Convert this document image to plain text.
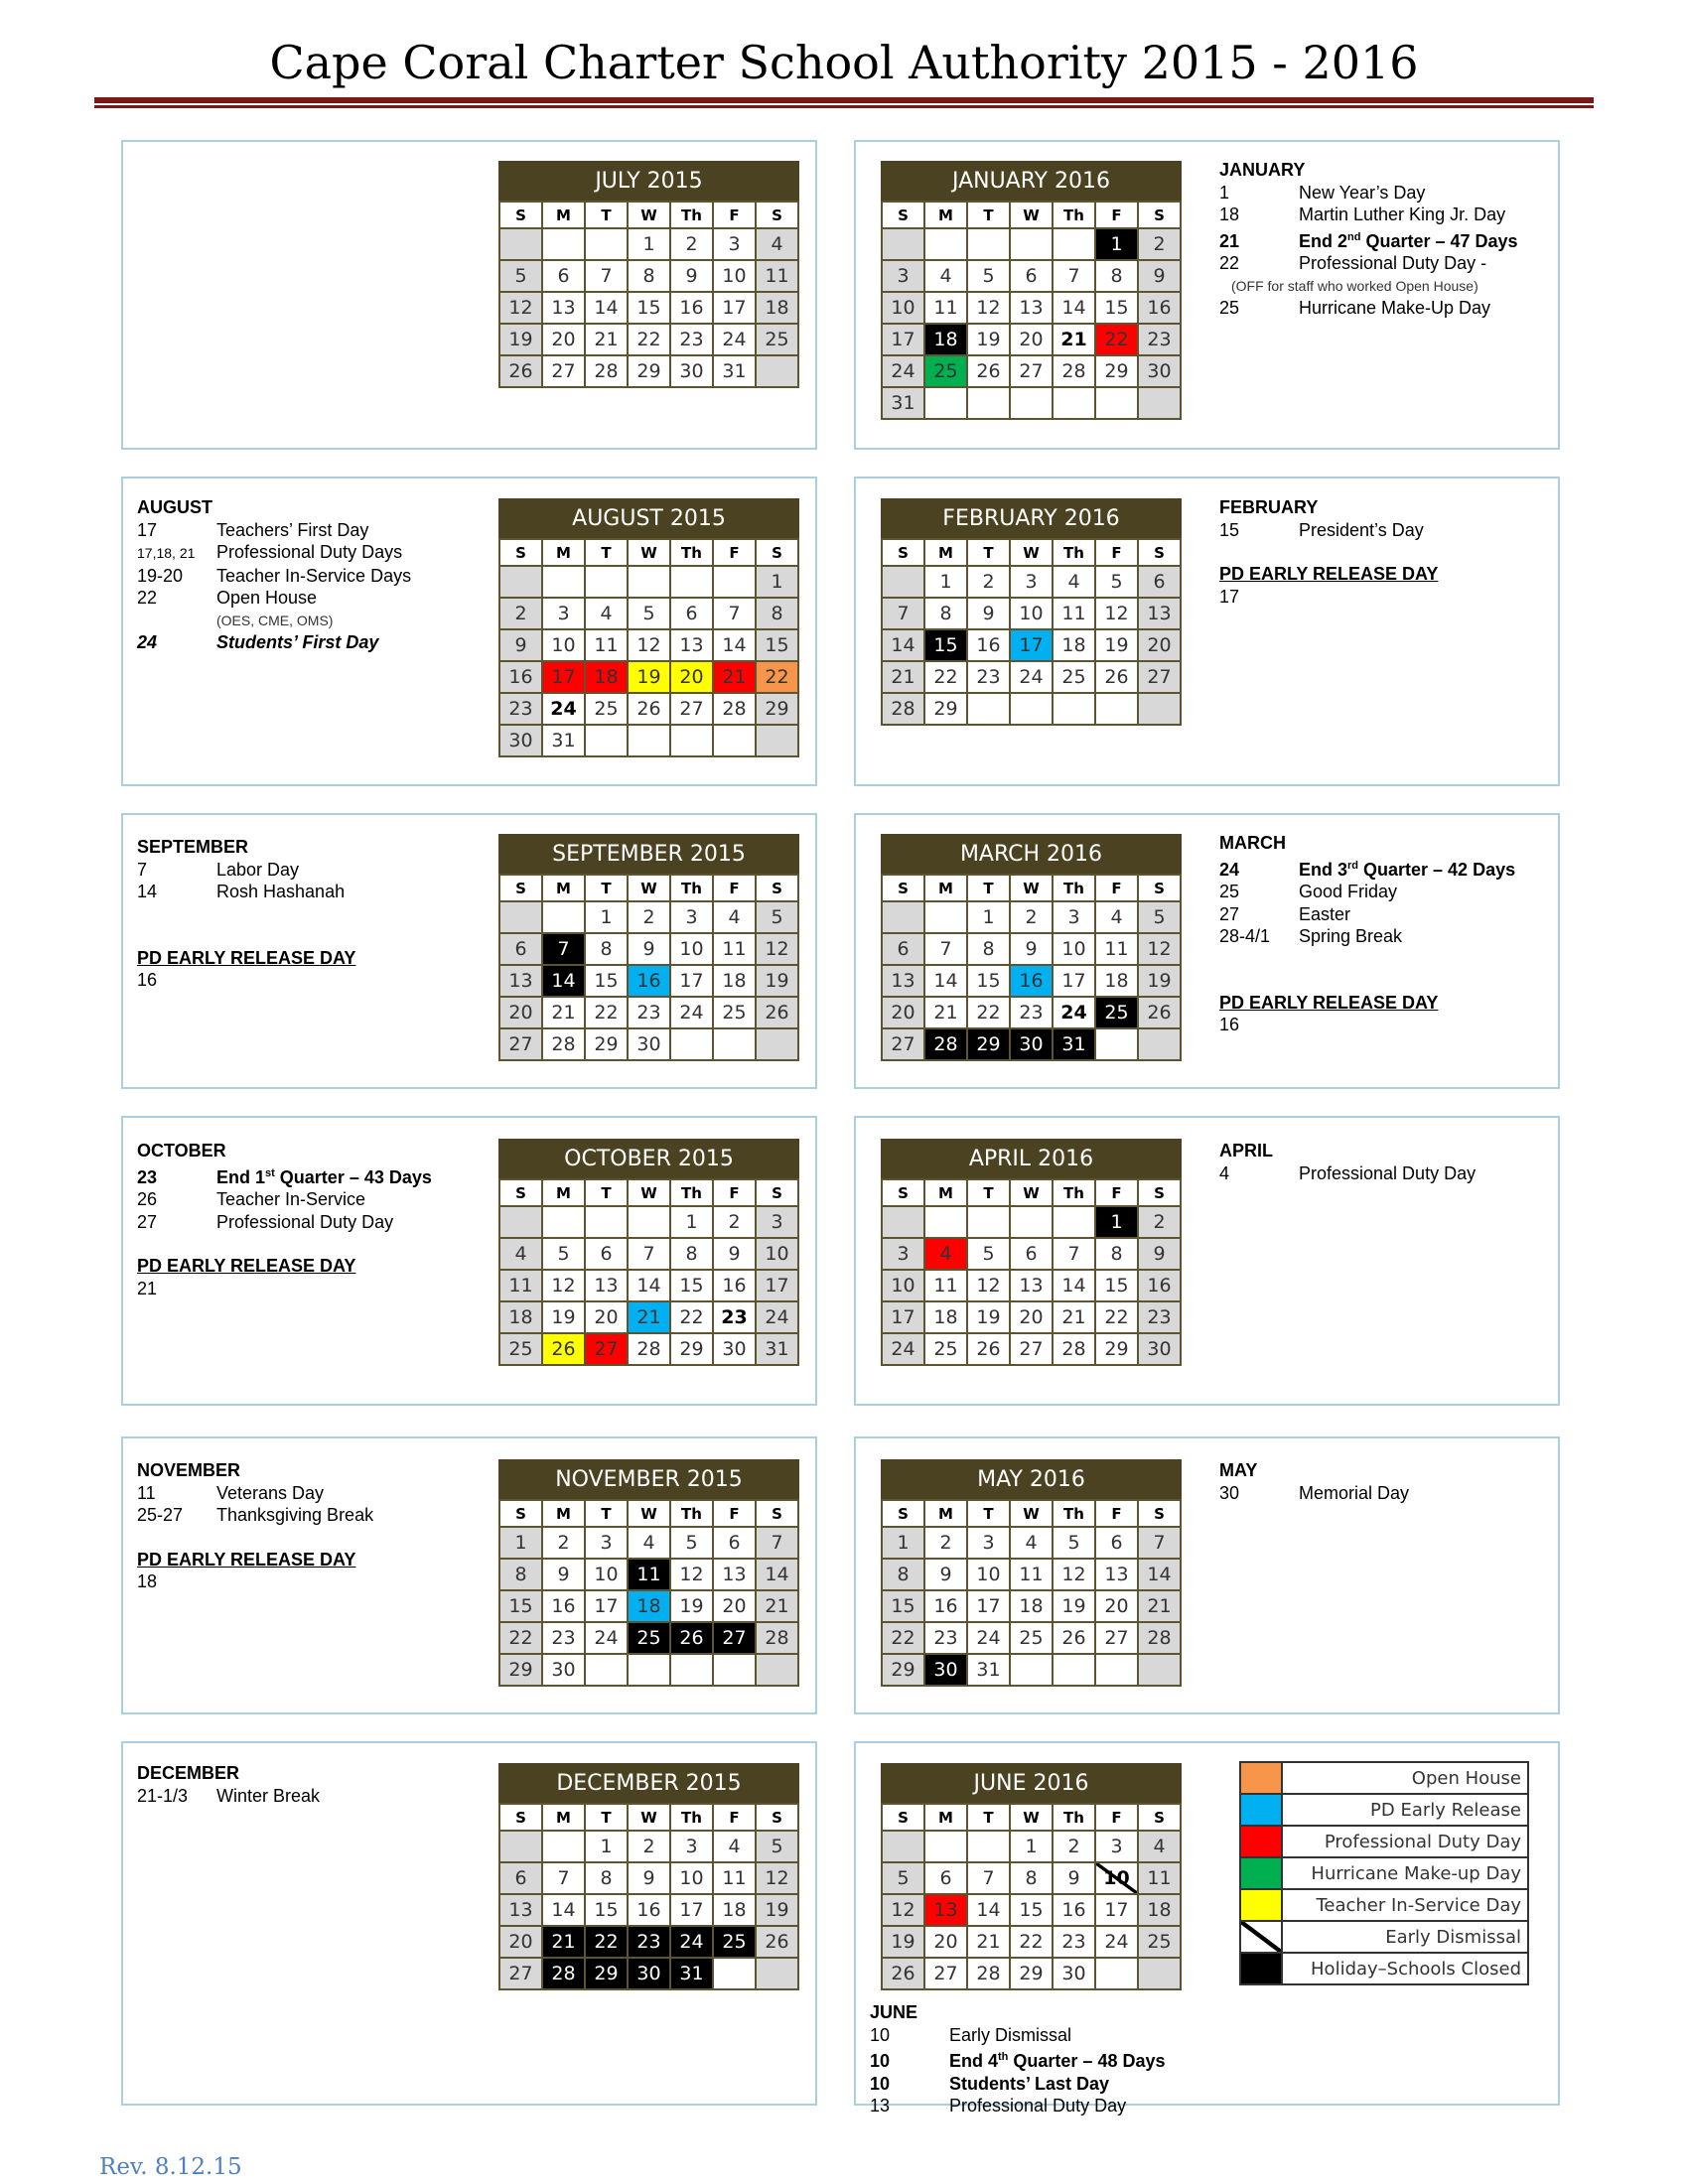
Cape Coral Charter School Authority 2015 - 2016
JULY 2015
S	M	T	W	Th	F	S
			1	2	3	4
5	6	7	8	9	10	11
12	13	14	15	16	17	18
19	20	21	22	23	24	25
26	27	28	29	30	31	
AUGUST 2015
S	M	T	W	Th	F	S
						1
2	3	4	5	6	7	8
9	10	11	12	13	14	15
16	17	18	19	20	21	22
23	24	25	26	27	28	29
30	31					
SEPTEMBER 2015
S	M	T	W	Th	F	S
		1	2	3	4	5
6	7	8	9	10	11	12
13	14	15	16	17	18	19
20	21	22	23	24	25	26
27	28	29	30			
OCTOBER 2015
S	M	T	W	Th	F	S
				1	2	3
4	5	6	7	8	9	10
11	12	13	14	15	16	17
18	19	20	21	22	23	24
25	26	27	28	29	30	31
NOVEMBER 2015
S	M	T	W	Th	F	S
1	2	3	4	5	6	7
8	9	10	11	12	13	14
15	16	17	18	19	20	21
22	23	24	25	26	27	28
29	30					
DECEMBER 2015
S	M	T	W	Th	F	S
		1	2	3	4	5
6	7	8	9	10	11	12
13	14	15	16	17	18	19
20	21	22	23	24	25	26
27	28	29	30	31		
JANUARY 2016
S	M	T	W	Th	F	S
					1	2
3	4	5	6	7	8	9
10	11	12	13	14	15	16
17	18	19	20	21	22	23
24	25	26	27	28	29	30
31						
FEBRUARY 2016
S	M	T	W	Th	F	S
	1	2	3	4	5	6
7	8	9	10	11	12	13
14	15	16	17	18	19	20
21	22	23	24	25	26	27
28	29					
MARCH 2016
S	M	T	W	Th	F	S
		1	2	3	4	5
6	7	8	9	10	11	12
13	14	15	16	17	18	19
20	21	22	23	24	25	26
27	28	29	30	31		
APRIL 2016
S	M	T	W	Th	F	S
					1	2
3	4	5	6	7	8	9
10	11	12	13	14	15	16
17	18	19	20	21	22	23
24	25	26	27	28	29	30
MAY 2016
S	M	T	W	Th	F	S
1	2	3	4	5	6	7
8	9	10	11	12	13	14
15	16	17	18	19	20	21
22	23	24	25	26	27	28
29	30	31				
JUNE 2016
S	M	T	W	Th	F	S
			1	2	3	4
5	6	7	8	9	10	11
12	13	14	15	16	17	18
19	20	21	22	23	24	25
26	27	28	29	30		
AUGUST
17	Teachers’ First Day
17,18, 21 Professional Duty Days
19-20 Teacher In-Service Days
22	Open House
(OES, CME, OMS)
24	Students’ First Day
SEPTEMBER
7	Labor Day
14	Rosh Hashanah
PD EARLY RELEASE DAY
16
OCTOBER
23	End 1st Quarter – 43 Days
26	Teacher In-Service
27	Professional Duty Day
PD EARLY RELEASE DAY
21
NOVEMBER
11	Veterans Day
25-27 Thanksgiving Break
PD EARLY RELEASE DAY
18
DECEMBER
21-1/3 Winter Break
JANUARY
1	New Year’s Day
18	Martin Luther King Jr. Day
21	End 2nd Quarter – 47 Days
22	Professional Duty Day -
(OFF for staff who worked Open House)
25	Hurricane Make-Up Day
FEBRUARY
15	President’s Day
PD EARLY RELEASE DAY
17
MARCH
24	End 3rd Quarter – 42 Days
25	Good Friday
27	Easter
28-4/1 Spring Break
PD EARLY RELEASE DAY
16
APRIL
4	Professional Duty Day
MAY
30	Memorial Day
JUNE
10	Early Dismissal
10	End 4th Quarter – 48 Days
10	Students’ Last Day
13	Professional Duty Day
	Open House
	PD Early Release
	Professional Duty Day
	Hurricane Make-up Day
	Teacher In-Service Day
	Early Dismissal
	Holiday–Schools Closed
Rev. 8.12.15
